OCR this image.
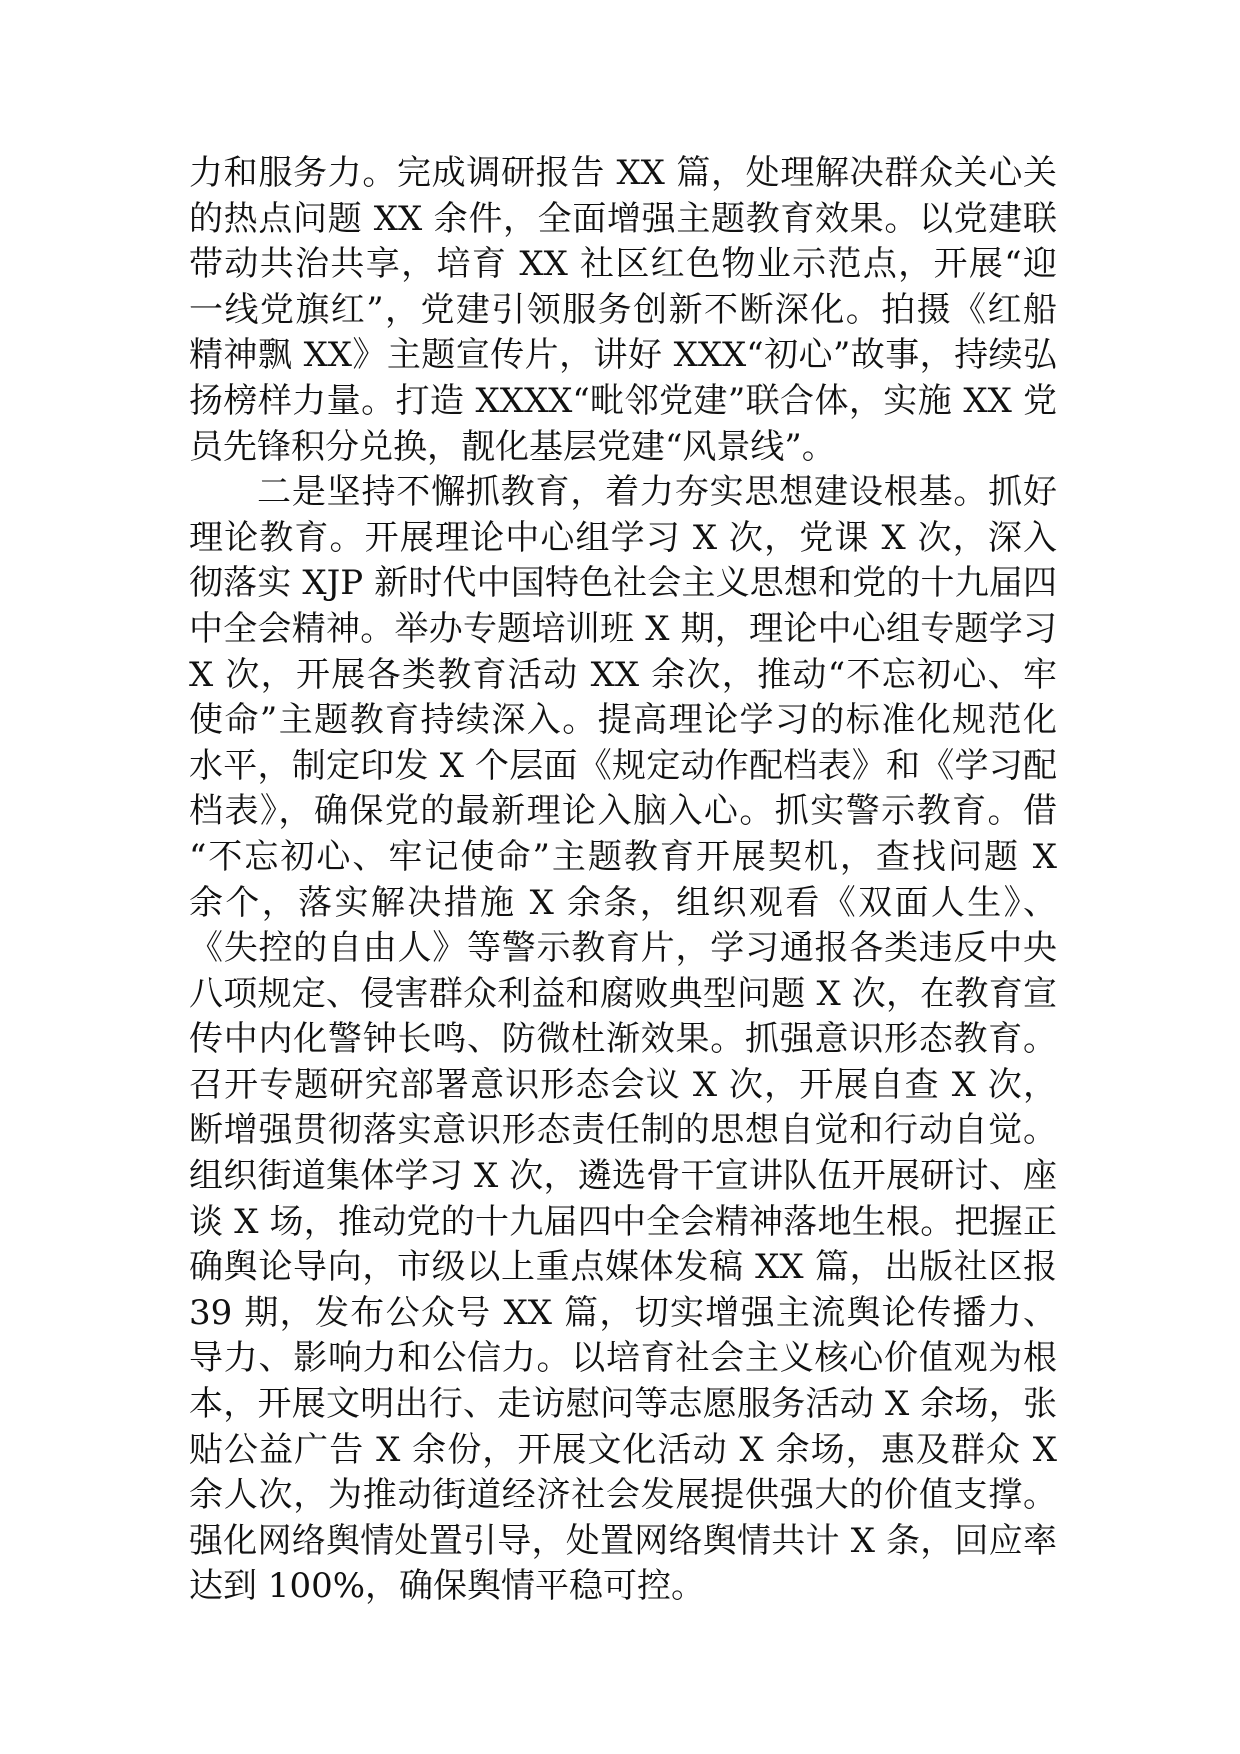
力和服务力。完成调研报告 XX 篇，处理解决群众关心关
的热点问题 XX 余件，全面增强主题教育效果。以党建联
带动共治共享，培育 XX 社区红色物业示范点，开展“迎
一线党旗红”，党建引领服务创新不断深化。拍摄《红船
精神飘 XX》主题宣传片，讲好 XXX“初心”故事，持续弘
扬榜样力量。打造 XXXX“毗邻党建”联合体，实施 XX 党
员先锋积分兑换，靓化基层党建“风景线”。
二是坚持不懈抓教育，着力夯实思想建设根基。抓好
理论教育。开展理论中心组学习 X 次，党课 X 次，深入
彻落实 XJP 新时代中国特色社会主义思想和党的十九届四
中全会精神。举办专题培训班 X 期，理论中心组专题学习
X 次，开展各类教育活动 XX 余次，推动“不忘初心、牢
使命”主题教育持续深入。提高理论学习的标准化规范化
水平，制定印发 X 个层面《规定动作配档表》和《学习配
档表》，确保党的最新理论入脑入心。抓实警示教育。借
“不忘初心、牢记使命”主题教育开展契机，查找问题 X
余个，落实解决措施 X 余条，组织观看《双面人生》、
《失控的自由人》等警示教育片，学习通报各类违反中央
八项规定、侵害群众利益和腐败典型问题 X 次，在教育宣
传中内化警钟长鸣、防微杜渐效果。抓强意识形态教育。
召开专题研究部署意识形态会议 X 次，开展自查 X 次，
断增强贯彻落实意识形态责任制的思想自觉和行动自觉。
组织街道集体学习 X 次，遴选骨干宣讲队伍开展研讨、座
谈 X 场，推动党的十九届四中全会精神落地生根。把握正
确舆论导向，市级以上重点媒体发稿 XX 篇，出版社区报
39 期，发布公众号 XX 篇，切实增强主流舆论传播力、
导力、影响力和公信力。以培育社会主义核心价值观为根
本，开展文明出行、走访慰问等志愿服务活动 X 余场，张
贴公益广告 X 余份，开展文化活动 X 余场，惠及群众 X
余人次，为推动街道经济社会发展提供强大的价值支撑。
强化网络舆情处置引导，处置网络舆情共计 X 条，回应率
达到 100%，确保舆情平稳可控。
